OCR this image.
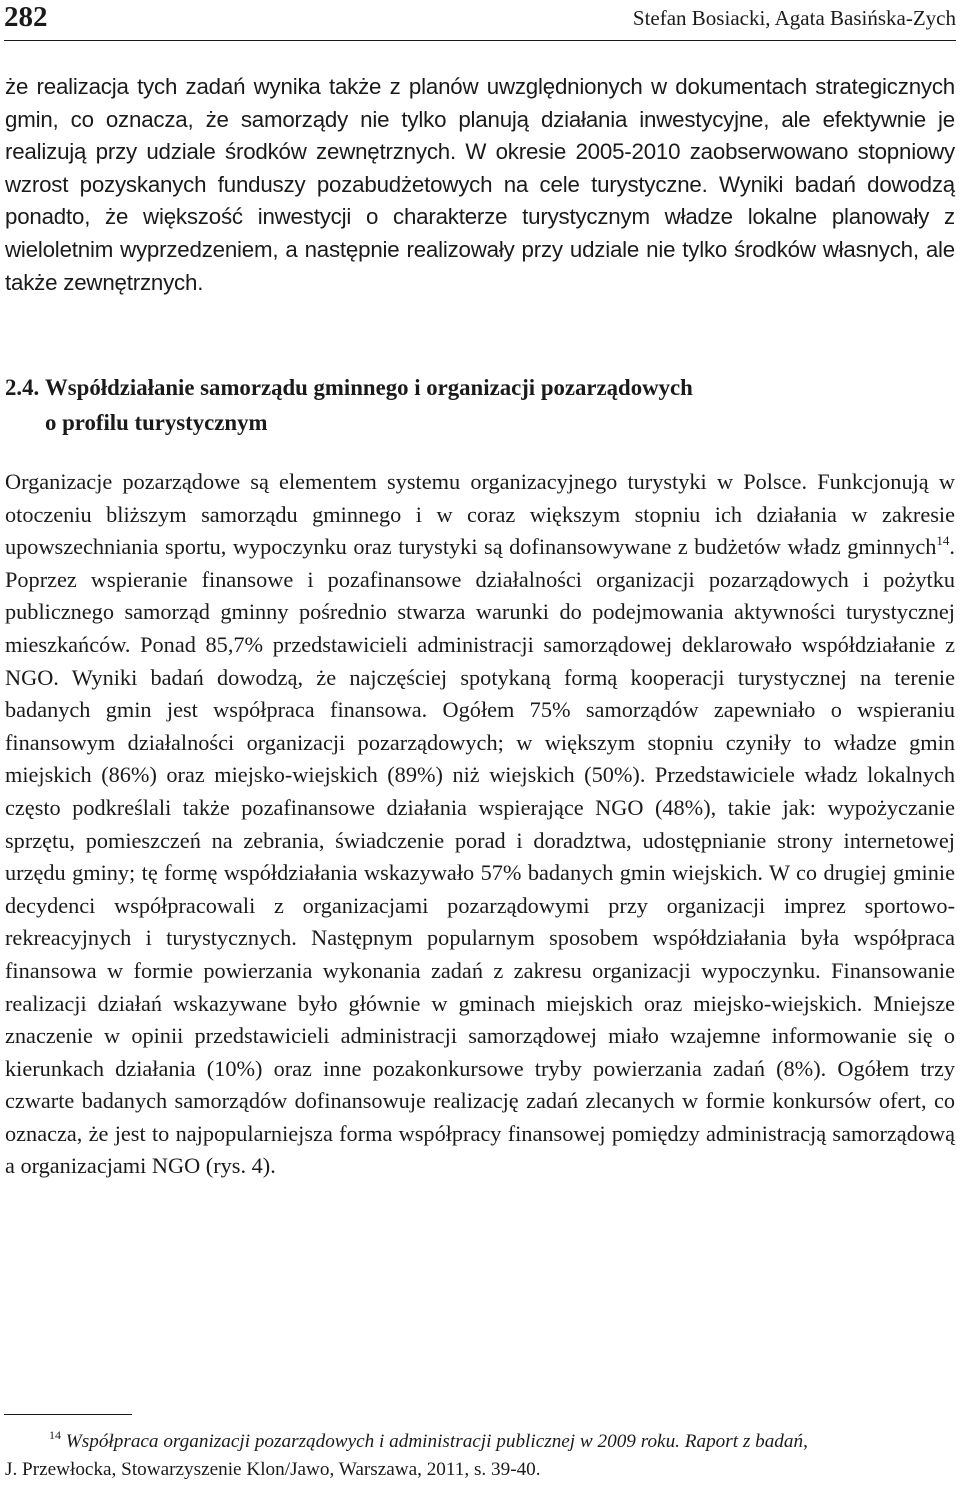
282	Stefan Bosiacki, Agata Basińska-Zych

że realizacja tych zadań wynika także z planów uwzględnionych w dokumentach strategicznych gmin, co oznacza, że samorządy nie tylko planują działania inwestycyjne, ale efektywnie je realizują przy udziale środków zewnętrznych. W okresie 2005-2010 zaobserwowano stopniowy wzrost pozyskanych funduszy pozabudżetowych na cele turystyczne. Wyniki badań dowodzą ponadto, że większość inwestycji o charakterze turystycznym władze lokalne planowały z wieloletnim wyprzedzeniem, a następnie realizowały przy udziale nie tylko środków własnych, ale także zewnętrznych.

2.4. Współdziałanie samorządu gminnego i organizacji pozarządowych
o profilu turystycznym

Organizacje pozarządowe są elementem systemu organizacyjnego turystyki w Polsce. Funkcjonują w otoczeniu bliższym samorządu gminnego i w coraz większym stopniu ich działania w zakresie upowszechniania sportu, wypoczynku oraz turystyki są dofinansowywane z budżetów władz gminnych$^{14}$. Poprzez wspieranie finansowe i pozafinansowe działalności organizacji pozarządowych i pożytku publicznego samorząd gminny pośrednio stwarza warunki do podejmowania aktywności turystycznej mieszkańców. Ponad 85,7% przedstawicieli administracji samorządowej deklarowało współdziałanie z NGO. Wyniki badań dowodzą, że najczęściej spotykaną formą kooperacji turystycznej na terenie badanych gmin jest współpraca finansowa. Ogółem 75% samorządów zapewniało o wspieraniu finansowym działalności organizacji pozarządowych; w większym stopniu czyniły to władze gmin miejskich (86%) oraz miejsko-wiejskich (89%) niż wiejskich (50%). Przedstawiciele władz lokalnych często podkreślali także pozafinansowe działania wspierające NGO (48%), takie jak: wypożyczanie sprzętu, pomieszczeń na zebrania, świadczenie porad i doradztwa, udostępnianie strony internetowej urzędu gminy; tę formę współdziałania wskazywało 57% badanych gmin wiejskich. W co drugiej gminie decydenci współpracowali z organizacjami pozarządowymi przy organizacji imprez sportowo-rekreacyjnych i turystycznych. Następnym popularnym sposobem współdziałania była współpraca finansowa w formie powierzania wykonania zadań z zakresu organizacji wypoczynku. Finansowanie realizacji działań wskazywane było głównie w gminach miejskich oraz miejsko-wiejskich. Mniejsze znaczenie w opinii przedstawicieli administracji samorządowej miało wzajemne informowanie się o kierunkach działania (10%) oraz inne pozakonkursowe tryby powierzania zadań (8%). Ogółem trzy czwarte badanych samorządów dofinansowuje realizację zadań zlecanych w formie konkursów ofert, co oznacza, że jest to najpopularniejsza forma współpracy finansowej pomiędzy administracją samorządową a organizacjami NGO (rys. 4).

14 Współpraca organizacji pozarządowych i administracji publicznej w 2009 roku. Raport z badań,
J. Przewłocka, Stowarzyszenie Klon/Jawo, Warszawa, 2011, s. 39-40.
